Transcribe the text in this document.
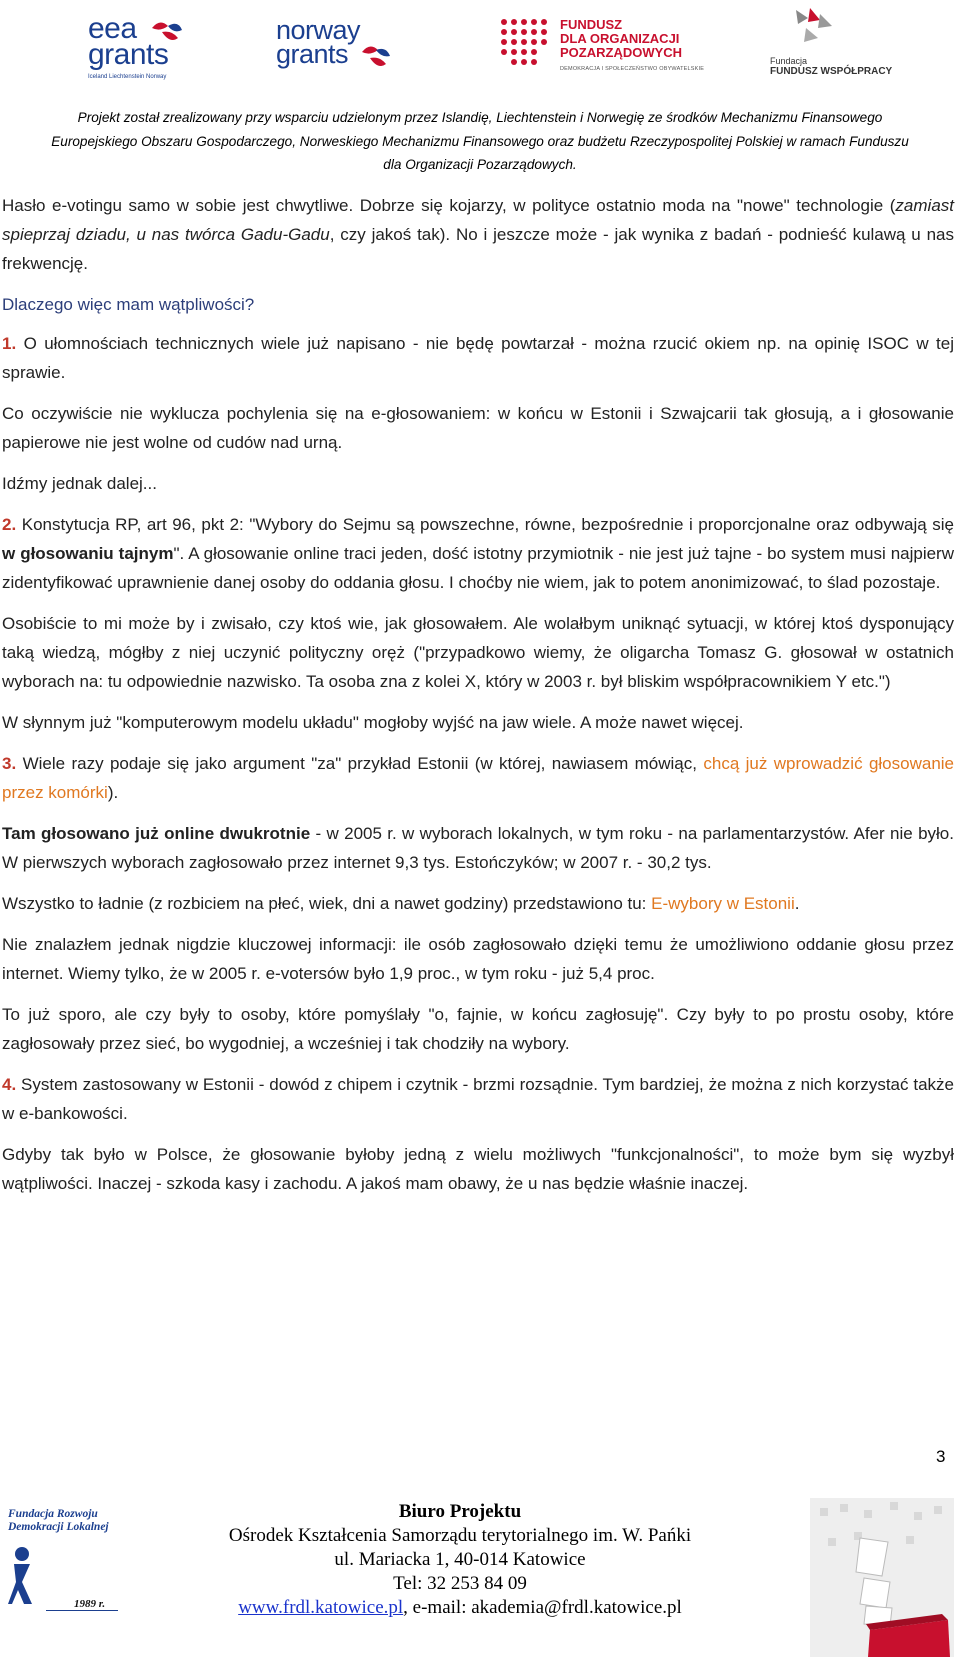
eea
grants
Iceland Liechtenstein Norway
norway
grants
FUNDUSZ
DLA ORGANIZACJI
POZARZĄDOWYCH
DEMOKRACJA I SPOŁECZEŃSTWO OBYWATELSKIE
Fundacja
FUNDUSZ WSPÓŁPRACY
Projekt został zrealizowany przy wsparciu udzielonym przez Islandię, Liechtenstein i Norwegię ze środków Mechanizmu Finansowego
Europejskiego Obszaru Gospodarczego, Norweskiego Mechanizmu Finansowego oraz budżetu Rzeczypospolitej Polskiej w ramach Funduszu
dla Organizacji Pozarządowych.

Hasło e-votingu samo w sobie jest chwytliwe. Dobrze się kojarzy, w polityce ostatnio moda na "nowe" technologie (zamiast spieprzaj dziadu, u nas twórca Gadu-Gadu, czy jakoś tak). No i jeszcze może - jak wynika z badań - podnieść kulawą u nas frekwencję.

Dlaczego więc mam wątpliwości?

1. O ułomnościach technicznych wiele już napisano - nie będę powtarzał - można rzucić okiem np. na opinię ISOC w tej sprawie.

Co oczywiście nie wyklucza pochylenia się na e-głosowaniem: w końcu w Estonii i Szwajcarii tak głosują, a i głosowanie papierowe nie jest wolne od cudów nad urną.

Idźmy jednak dalej...

2. Konstytucja RP, art 96, pkt 2: "Wybory do Sejmu są powszechne, równe, bezpośrednie i proporcjonalne oraz odbywają się w głosowaniu tajnym". A głosowanie online traci jeden, dość istotny przymiotnik - nie jest już tajne - bo system musi najpierw zidentyfikować uprawnienie danej osoby do oddania głosu. I choćby nie wiem, jak to potem anonimizować, to ślad pozostaje.

Osobiście to mi może by i zwisało, czy ktoś wie, jak głosowałem. Ale wolałbym uniknąć sytuacji, w której ktoś dysponujący taką wiedzą, mógłby z niej uczynić polityczny oręż ("przypadkowo wiemy, że oligarcha Tomasz G. głosował w ostatnich wyborach na: tu odpowiednie nazwisko. Ta osoba zna z kolei X, który w 2003 r. był bliskim współpracownikiem Y etc.")

W słynnym już "komputerowym modelu układu" mogłoby wyjść na jaw wiele. A może nawet więcej.

3. Wiele razy podaje się jako argument "za" przykład Estonii (w której, nawiasem mówiąc, chcą już wprowadzić głosowanie przez komórki).

Tam głosowano już online dwukrotnie - w 2005 r. w wyborach lokalnych, w tym roku - na parlamentarzystów. Afer nie było. W pierwszych wyborach zagłosowało przez internet 9,3 tys. Estończyków; w 2007 r. - 30,2 tys.

Wszystko to ładnie (z rozbiciem na płeć, wiek, dni a nawet godziny) przedstawiono tu: E-wybory w Estonii.

Nie znalazłem jednak nigdzie kluczowej informacji: ile osób zagłosowało dzięki temu że umożliwiono oddanie głosu przez internet. Wiemy tylko, że w 2005 r. e-votersów było 1,9 proc., w tym roku - już 5,4 proc.

To już sporo, ale czy były to osoby, które pomyślały "o, fajnie, w końcu zagłosuję". Czy były to po prostu osoby, które zagłosowały przez sieć, bo wygodniej, a wcześniej i tak chodziły na wybory.

4. System zastosowany w Estonii - dowód z chipem i czytnik - brzmi rozsądnie. Tym bardziej, że można z nich korzystać także w e-bankowości.

Gdyby tak było w Polsce, że głosowanie byłoby jedną z wielu możliwych "funkcjonalności", to może bym się wyzbył wątpliwości. Inaczej - szkoda kasy i zachodu. A jakoś mam obawy, że u nas będzie właśnie inaczej.

3
Fundacja Rozwoju
Demokracji Lokalnej
1989 r.
Biuro Projektu
Ośrodek Kształcenia Samorządu terytorialnego im. W. Pańki
ul. Mariacka 1, 40-014 Katowice
Tel: 32 253 84 09
www.frdl.katowice.pl, e-mail: akademia@frdl.katowice.pl
